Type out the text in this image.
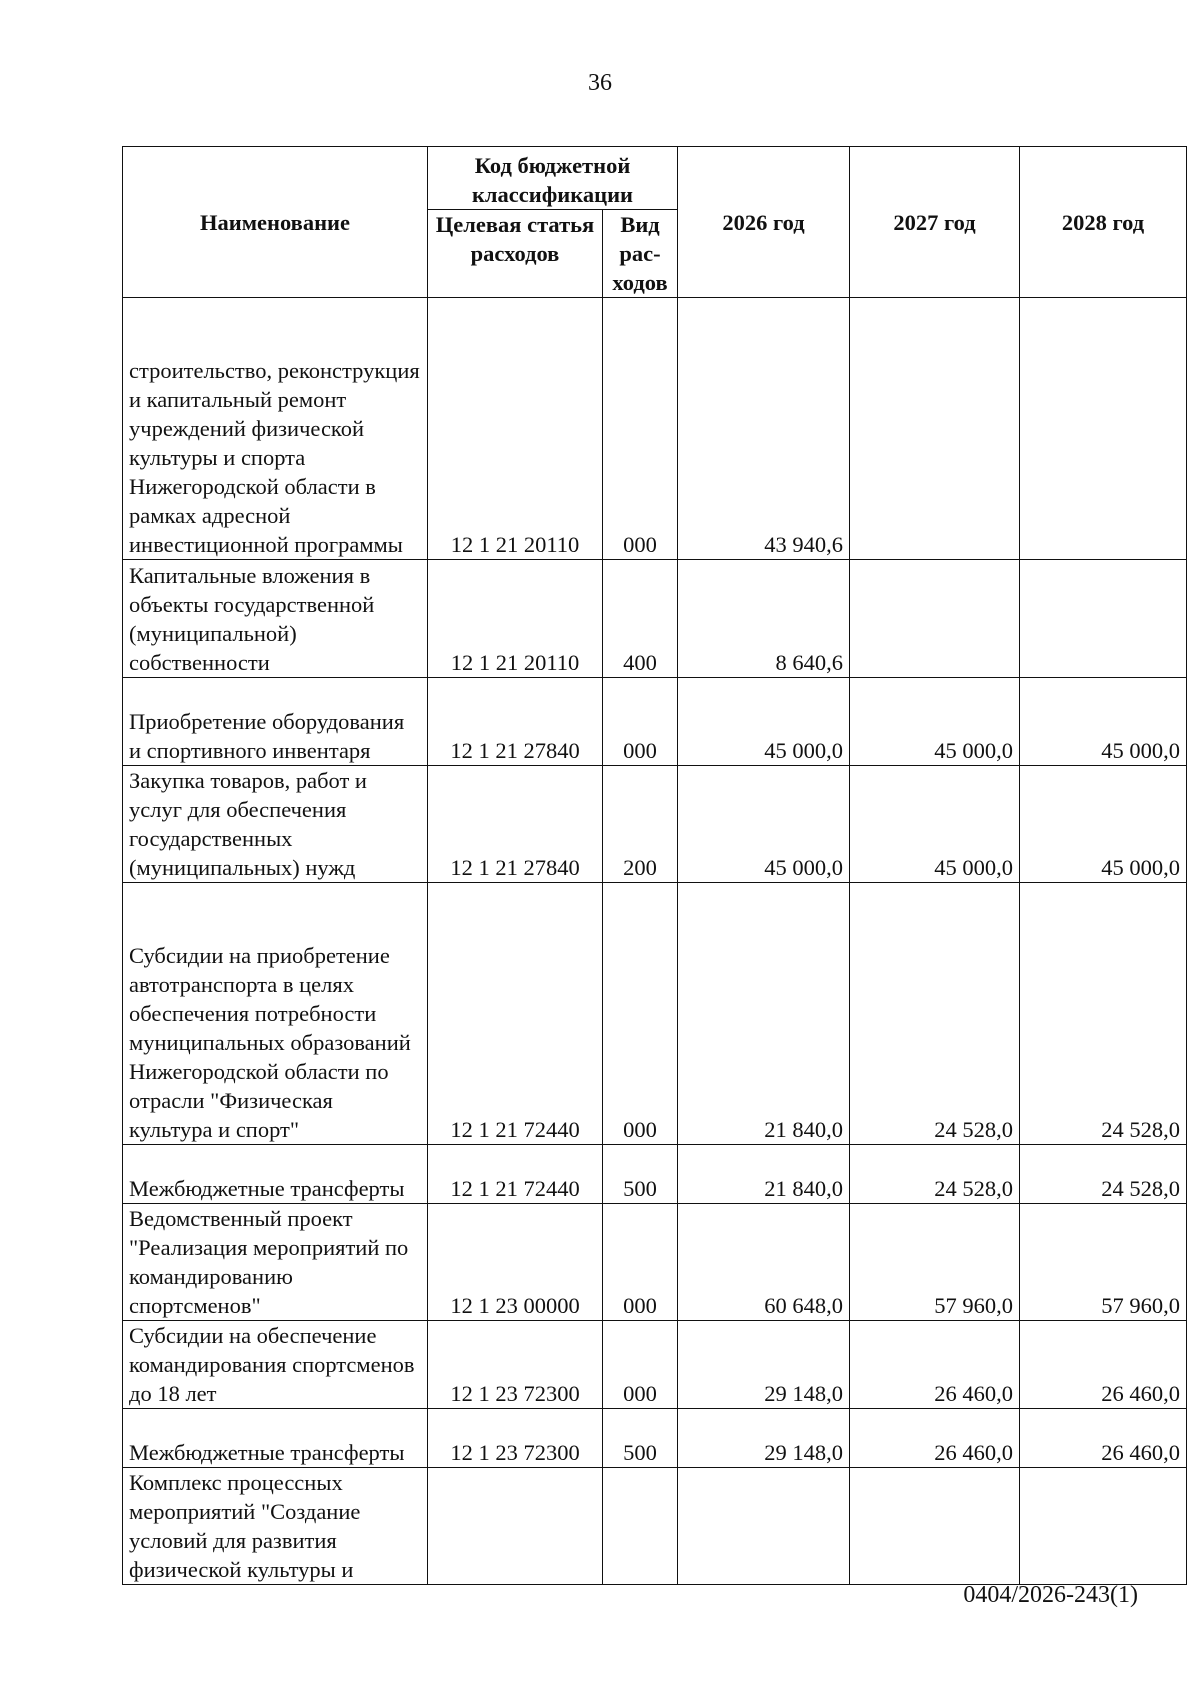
36
Наименование	Код бюджетной классификации		2026 год	2027 год	2028 год
	Целевая статья расходов	Вид рас-ходов			
строительство, реконструкция и капитальный ремонт учреждений физической культуры и спорта Нижегородской области в рамках адресной инвестиционной программы	12 1 21 20110	000	43 940,6		
Капитальные вложения в объекты государственной (муниципальной) собственности	12 1 21 20110	400	8 640,6		
Приобретение оборудования и спортивного инвентаря	12 1 21 27840	000	45 000,0	45 000,0	45 000,0
Закупка товаров, работ и услуг для обеспечения государственных (муниципальных) нужд	12 1 21 27840	200	45 000,0	45 000,0	45 000,0
Субсидии на приобретение автотранспорта в целях обеспечения потребности муниципальных образований Нижегородской области по отрасли "Физическая культура и спорт"	12 1 21 72440	000	21 840,0	24 528,0	24 528,0
Межбюджетные трансферты	12 1 21 72440	500	21 840,0	24 528,0	24 528,0
Ведомственный проект "Реализация мероприятий по командированию спортсменов"	12 1 23 00000	000	60 648,0	57 960,0	57 960,0
Субсидии на обеспечение командирования спортсменов до 18 лет	12 1 23 72300	000	29 148,0	26 460,0	26 460,0
Межбюджетные трансферты	12 1 23 72300	500	29 148,0	26 460,0	26 460,0
Комплекс процессных мероприятий "Создание условий для развития физической культуры и					
0404/2026-243(1)
